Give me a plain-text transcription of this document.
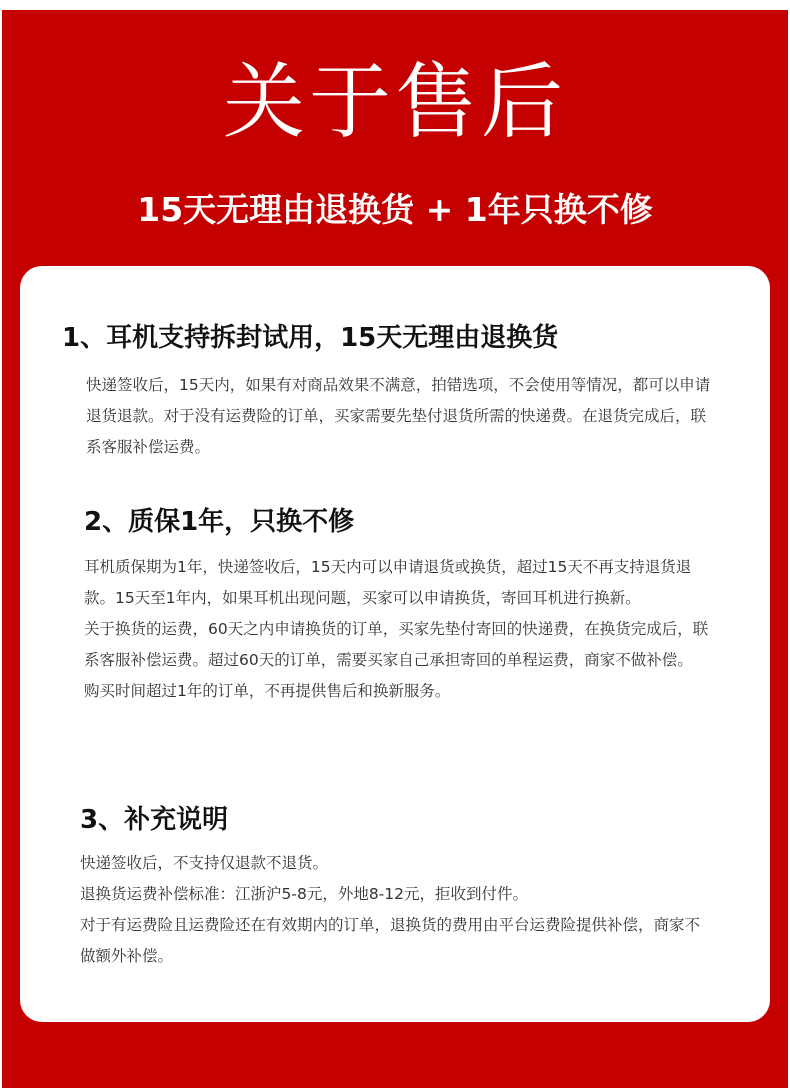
关于售后
15天无理由退换货 + 1年只换不修
1、耳机支持拆封试用，15天无理由退换货

快递签收后，15天内，如果有对商品效果不满意，拍错选项，不会使用等情况，都可以申请退货退款。对于没有运费险的订单，买家需要先垫付退货所需的快递费。在退货完成后，联系客服补偿运费。

2、质保1年，只换不修

耳机质保期为1年，快递签收后，15天内可以申请退货或换货，超过15天不再支持退货退款。15天至1年内，如果耳机出现问题，买家可以申请换货，寄回耳机进行换新。

关于换货的运费，60天之内申请换货的订单，买家先垫付寄回的快递费，在换货完成后，联系客服补偿运费。超过60天的订单，需要买家自己承担寄回的单程运费，商家不做补偿。

购买时间超过1年的订单，不再提供售后和换新服务。

3、补充说明

快递签收后，不支持仅退款不退货。

退换货运费补偿标准：江浙沪5-8元，外地8-12元，拒收到付件。

对于有运费险且运费险还在有效期内的订单，退换货的费用由平台运费险提供补偿，商家不做额外补偿。
